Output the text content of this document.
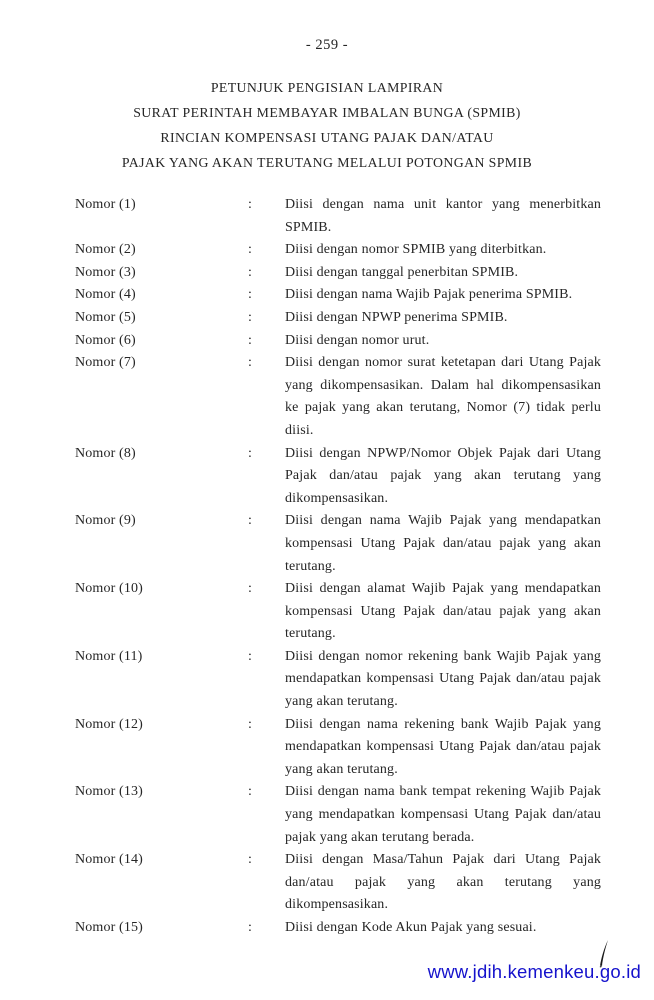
- 259 -
PETUNJUK PENGISIAN LAMPIRAN
SURAT PERINTAH MEMBAYAR IMBALAN BUNGA (SPMIB)
RINCIAN KOMPENSASI UTANG PAJAK DAN/ATAU
PAJAK YANG AKAN TERUTANG MELALUI POTONGAN SPMIB
Nomor (1)	:	Diisi dengan nama unit kantor yang menerbitkan SPMIB.
Nomor (2)	:	Diisi dengan nomor SPMIB yang diterbitkan.
Nomor (3)	:	Diisi dengan tanggal penerbitan SPMIB.
Nomor (4)	:	Diisi dengan nama Wajib Pajak penerima SPMIB.
Nomor (5)	:	Diisi dengan NPWP penerima SPMIB.
Nomor (6)	:	Diisi dengan nomor urut.
Nomor (7)	:	Diisi dengan nomor surat ketetapan dari Utang Pajak yang dikompensasikan. Dalam hal dikompensasikan ke pajak yang akan terutang, Nomor (7) tidak perlu diisi.
Nomor (8)	:	Diisi dengan NPWP/Nomor Objek Pajak dari Utang Pajak dan/atau pajak yang akan terutang yang dikompensasikan.
Nomor (9)	:	Diisi dengan nama Wajib Pajak yang mendapatkan kompensasi Utang Pajak dan/atau pajak yang akan terutang.
Nomor (10)	:	Diisi dengan alamat Wajib Pajak yang mendapatkan kompensasi Utang Pajak dan/atau pajak yang akan terutang.
Nomor (11)	:	Diisi dengan nomor rekening bank Wajib Pajak yang mendapatkan kompensasi Utang Pajak dan/atau pajak yang akan terutang.
Nomor (12)	:	Diisi dengan nama rekening bank Wajib Pajak yang mendapatkan kompensasi Utang Pajak dan/atau pajak yang akan terutang.
Nomor (13)	:	Diisi dengan nama bank tempat rekening Wajib Pajak yang mendapatkan kompensasi Utang Pajak dan/atau pajak yang akan terutang berada.
Nomor (14)	:	Diisi dengan Masa/Tahun Pajak dari Utang Pajak dan/atau pajak yang akan terutang yang dikompensasikan.
Nomor (15)	:	Diisi dengan Kode Akun Pajak yang sesuai.
www.jdih.kemenkeu.go.id
